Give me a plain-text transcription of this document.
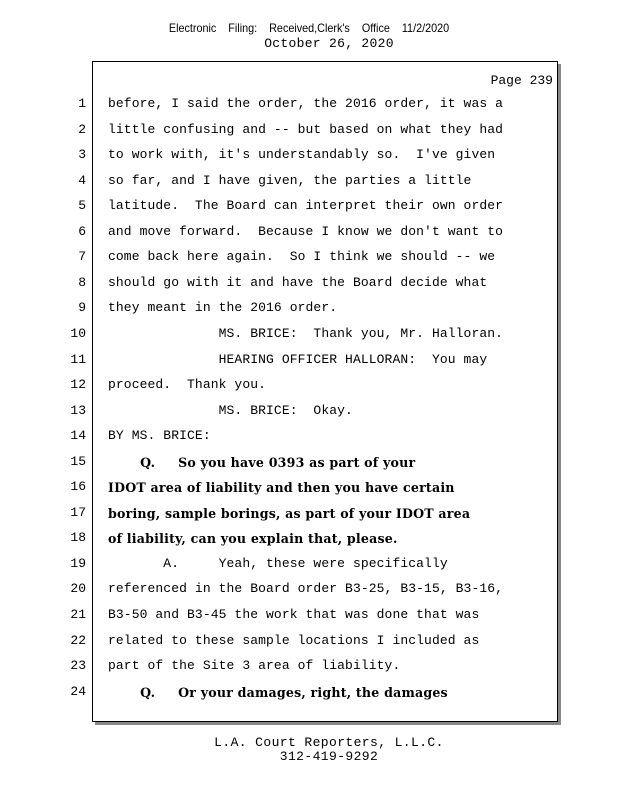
Electronic Filing: Received,Clerk's Office 11/2/2020
October 26, 2020
Page 239
1 before, I said the order, the 2016 order, it was a
2 little confusing and -- but based on what they had
3 to work with, it's understandably so.  I've given
4 so far, and I have given, the parties a little
5 latitude.  The Board can interpret their own order
6 and move forward.  Because I know we don't want to
7 come back here again.  So I think we should -- we
8 should go with it and have the Board decide what
9 they meant in the 2016 order.
10 MS. BRICE:  Thank you, Mr. Halloran.
11 HEARING OFFICER HALLORAN:  You may
12 proceed.  Thank you.
13 MS. BRICE:  Okay.
14 BY MS. BRICE:
15 Q.     So you have 0393 as part of your
16 IDOT area of liability and then you have certain
17 boring, sample borings, as part of your IDOT area
18 of liability, can you explain that, please.
19 A.     Yeah, these were specifically
20 referenced in the Board order B3-25, B3-15, B3-16,
21 B3-50 and B3-45 the work that was done that was
22 related to these sample locations I included as
23 part of the Site 3 area of liability.
24 Q.     Or your damages, right, the damages
L.A. Court Reporters, L.L.C.
312-419-9292
